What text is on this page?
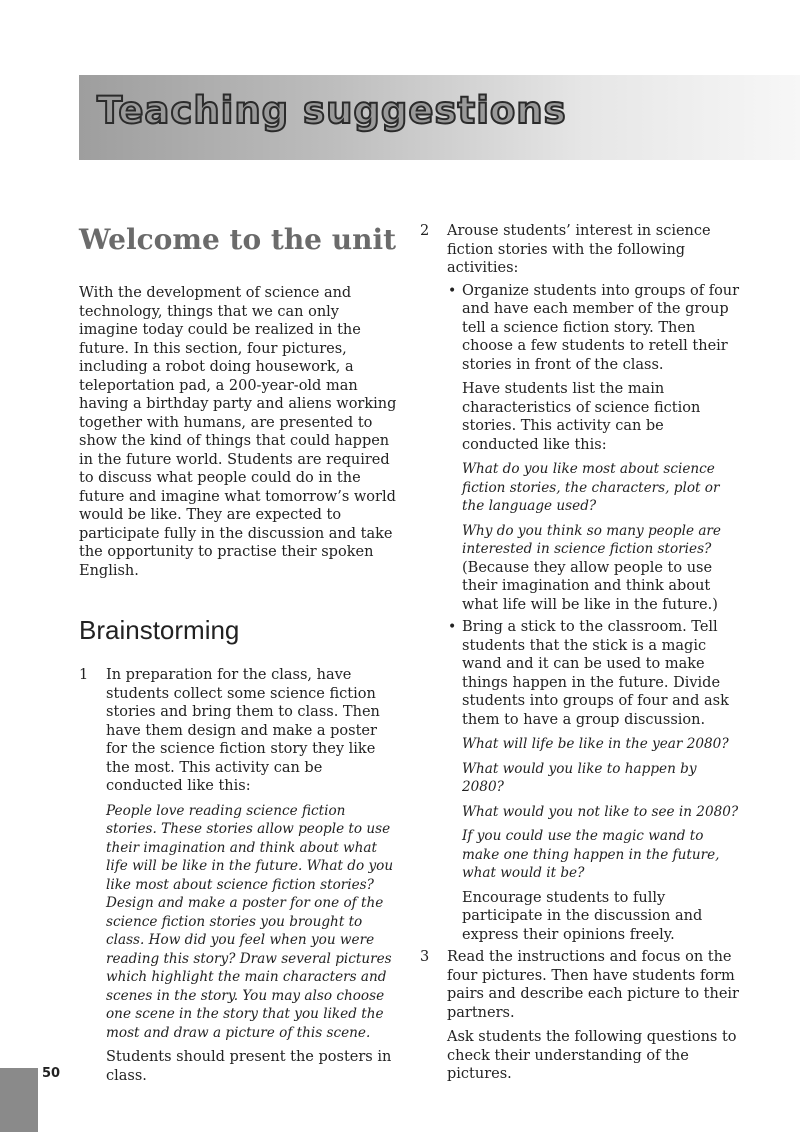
Teaching suggestions
Welcome to the unit

With the development of science and technology, things that we can only imagine today could be realized in the future. In this section, four pictures, including a robot doing housework, a teleportation pad, a 200-year-old man having a birthday party and aliens working together with humans, are presented to show the kind of things that could happen in the future world. Students are required to discuss what people could do in the future and imagine what tomorrow’s world would be like. They are expected to participate fully in the discussion and take the opportunity to practise their spoken English.

Brainstorming
1 In preparation for the class, have students collect some science fiction stories and bring them to class. Then have them design and make a poster for the science fiction story they like the most. This activity can be conducted like this:

People love reading science fiction stories. These stories allow people to use their imagination and think about what life will be like in the future. What do you like most about science fiction stories? Design and make a poster for one of the science fiction stories you brought to class. How did you feel when you were reading this story? Draw several pictures which highlight the main characters and scenes in the story. You may also choose one scene in the story that you liked the most and draw a picture of this scene.

Students should present the posters in class.

2 Arouse students’ interest in science fiction stories with the following activities:

• Organize students into groups of four and have each member of the group tell a science fiction story. Then choose a few students to retell their stories in front of the class.

Have students list the main characteristics of science fiction stories. This activity can be conducted like this:

What do you like most about science fiction stories, the characters, plot or the language used?

Why do you think so many people are interested in science fiction stories?

(Because they allow people to use their imagination and think about what life will be like in the future.)

• Bring a stick to the classroom. Tell students that the stick is a magic wand and it can be used to make things happen in the future. Divide students into groups of four and ask them to have a group discussion.

What will life be like in the year 2080?

What would you like to happen by 2080?

What would you not like to see in 2080?

If you could use the magic wand to make one thing happen in the future, what would it be?

Encourage students to fully participate in the discussion and express their opinions freely.

3 Read the instructions and focus on the four pictures. Then have students form pairs and describe each picture to their partners.

Ask students the following questions to check their understanding of the pictures.

50
